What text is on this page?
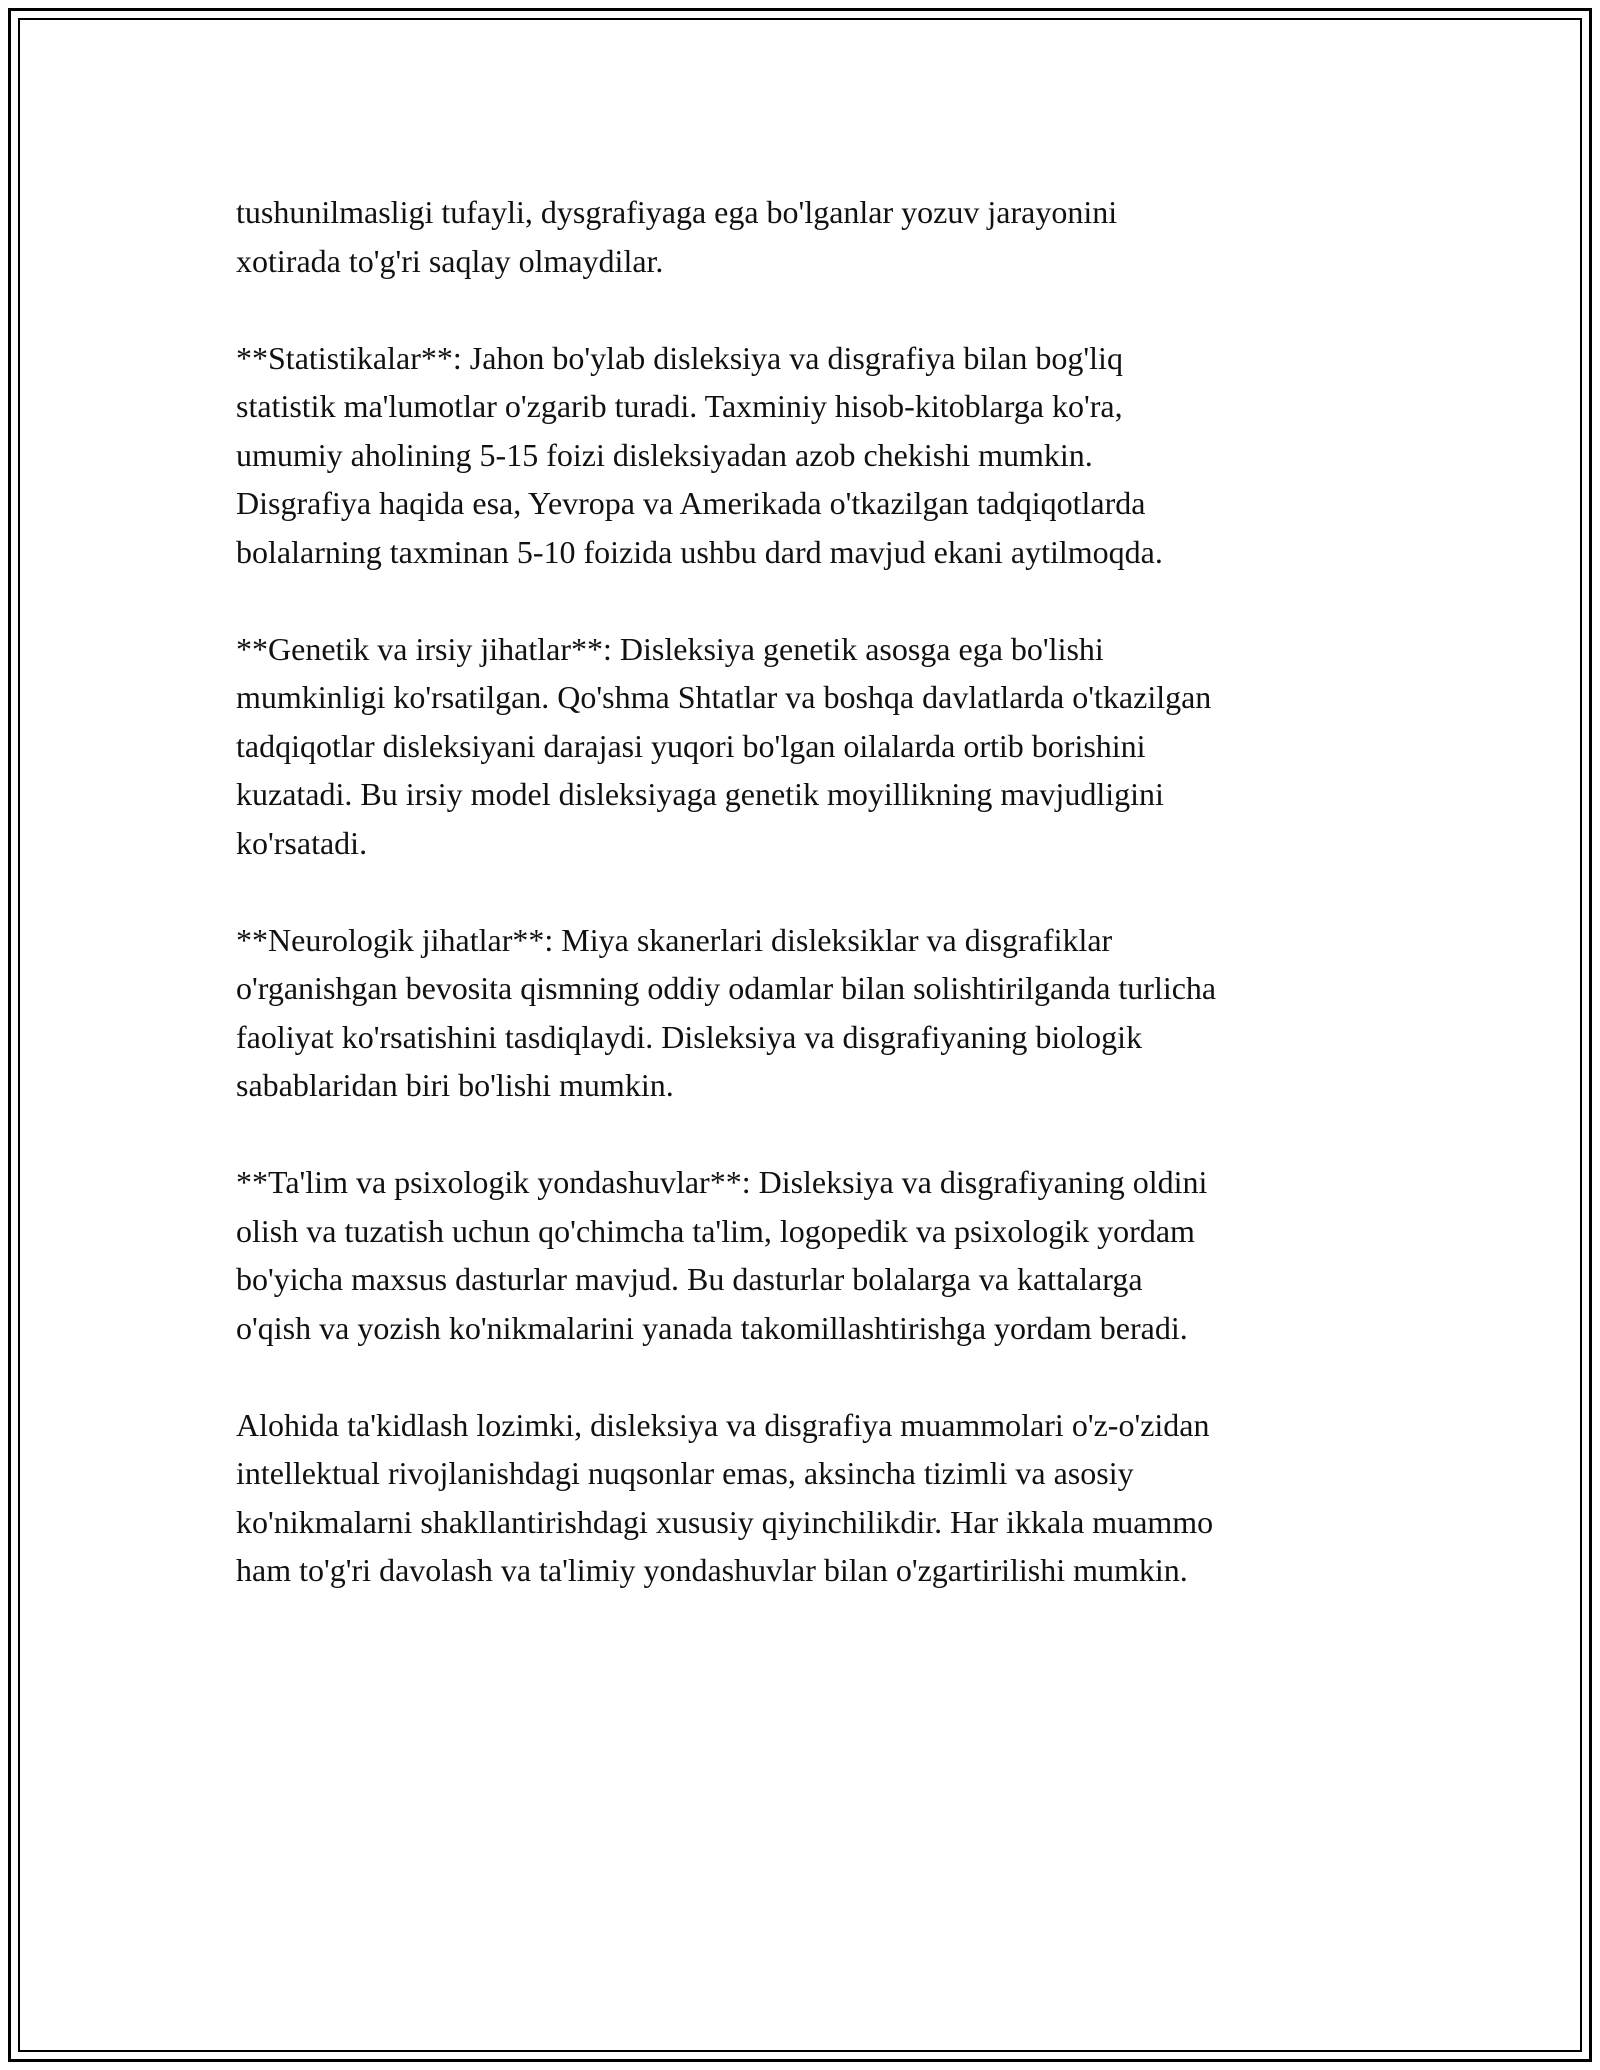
tushunilmasligi tufayli, dysgrafiyaga ega bo'lganlar yozuv jarayonini
xotirada to'g'ri saqlay olmaydilar.

**Statistikalar**: Jahon bo'ylab disleksiya va disgrafiya bilan bog'liq
statistik ma'lumotlar o'zgarib turadi. Taxminiy hisob-kitoblarga ko'ra,
umumiy aholining 5-15 foizi disleksiyadan azob chekishi mumkin.
Disgrafiya haqida esa, Yevropa va Amerikada o'tkazilgan tadqiqotlarda
bolalarning taxminan 5-10 foizida ushbu dard mavjud ekani aytilmoqda.

**Genetik va irsiy jihatlar**: Disleksiya genetik asosga ega bo'lishi
mumkinligi ko'rsatilgan. Qo'shma Shtatlar va boshqa davlatlarda o'tkazilgan
tadqiqotlar disleksiyani darajasi yuqori bo'lgan oilalarda ortib borishini
kuzatadi. Bu irsiy model disleksiyaga genetik moyillikning mavjudligini
ko'rsatadi.

**Neurologik jihatlar**: Miya skanerlari disleksiklar va disgrafiklar
o'rganishgan bevosita qismning oddiy odamlar bilan solishtirilganda turlicha
faoliyat ko'rsatishini tasdiqlaydi. Disleksiya va disgrafiyaning biologik
sabablaridan biri bo'lishi mumkin.

**Ta'lim va psixologik yondashuvlar**: Disleksiya va disgrafiyaning oldini
olish va tuzatish uchun qo'chimcha ta'lim, logopedik va psixologik yordam
bo'yicha maxsus dasturlar mavjud. Bu dasturlar bolalarga va kattalarga
o'qish va yozish ko'nikmalarini yanada takomillashtirishga yordam beradi.

Alohida ta'kidlash lozimki, disleksiya va disgrafiya muammolari o'z-o'zidan
intellektual rivojlanishdagi nuqsonlar emas, aksincha tizimli va asosiy
ko'nikmalarni shakllantirishdagi xususiy qiyinchilikdir. Har ikkala muammo
ham to'g'ri davolash va ta'limiy yondashuvlar bilan o'zgartirilishi mumkin.
